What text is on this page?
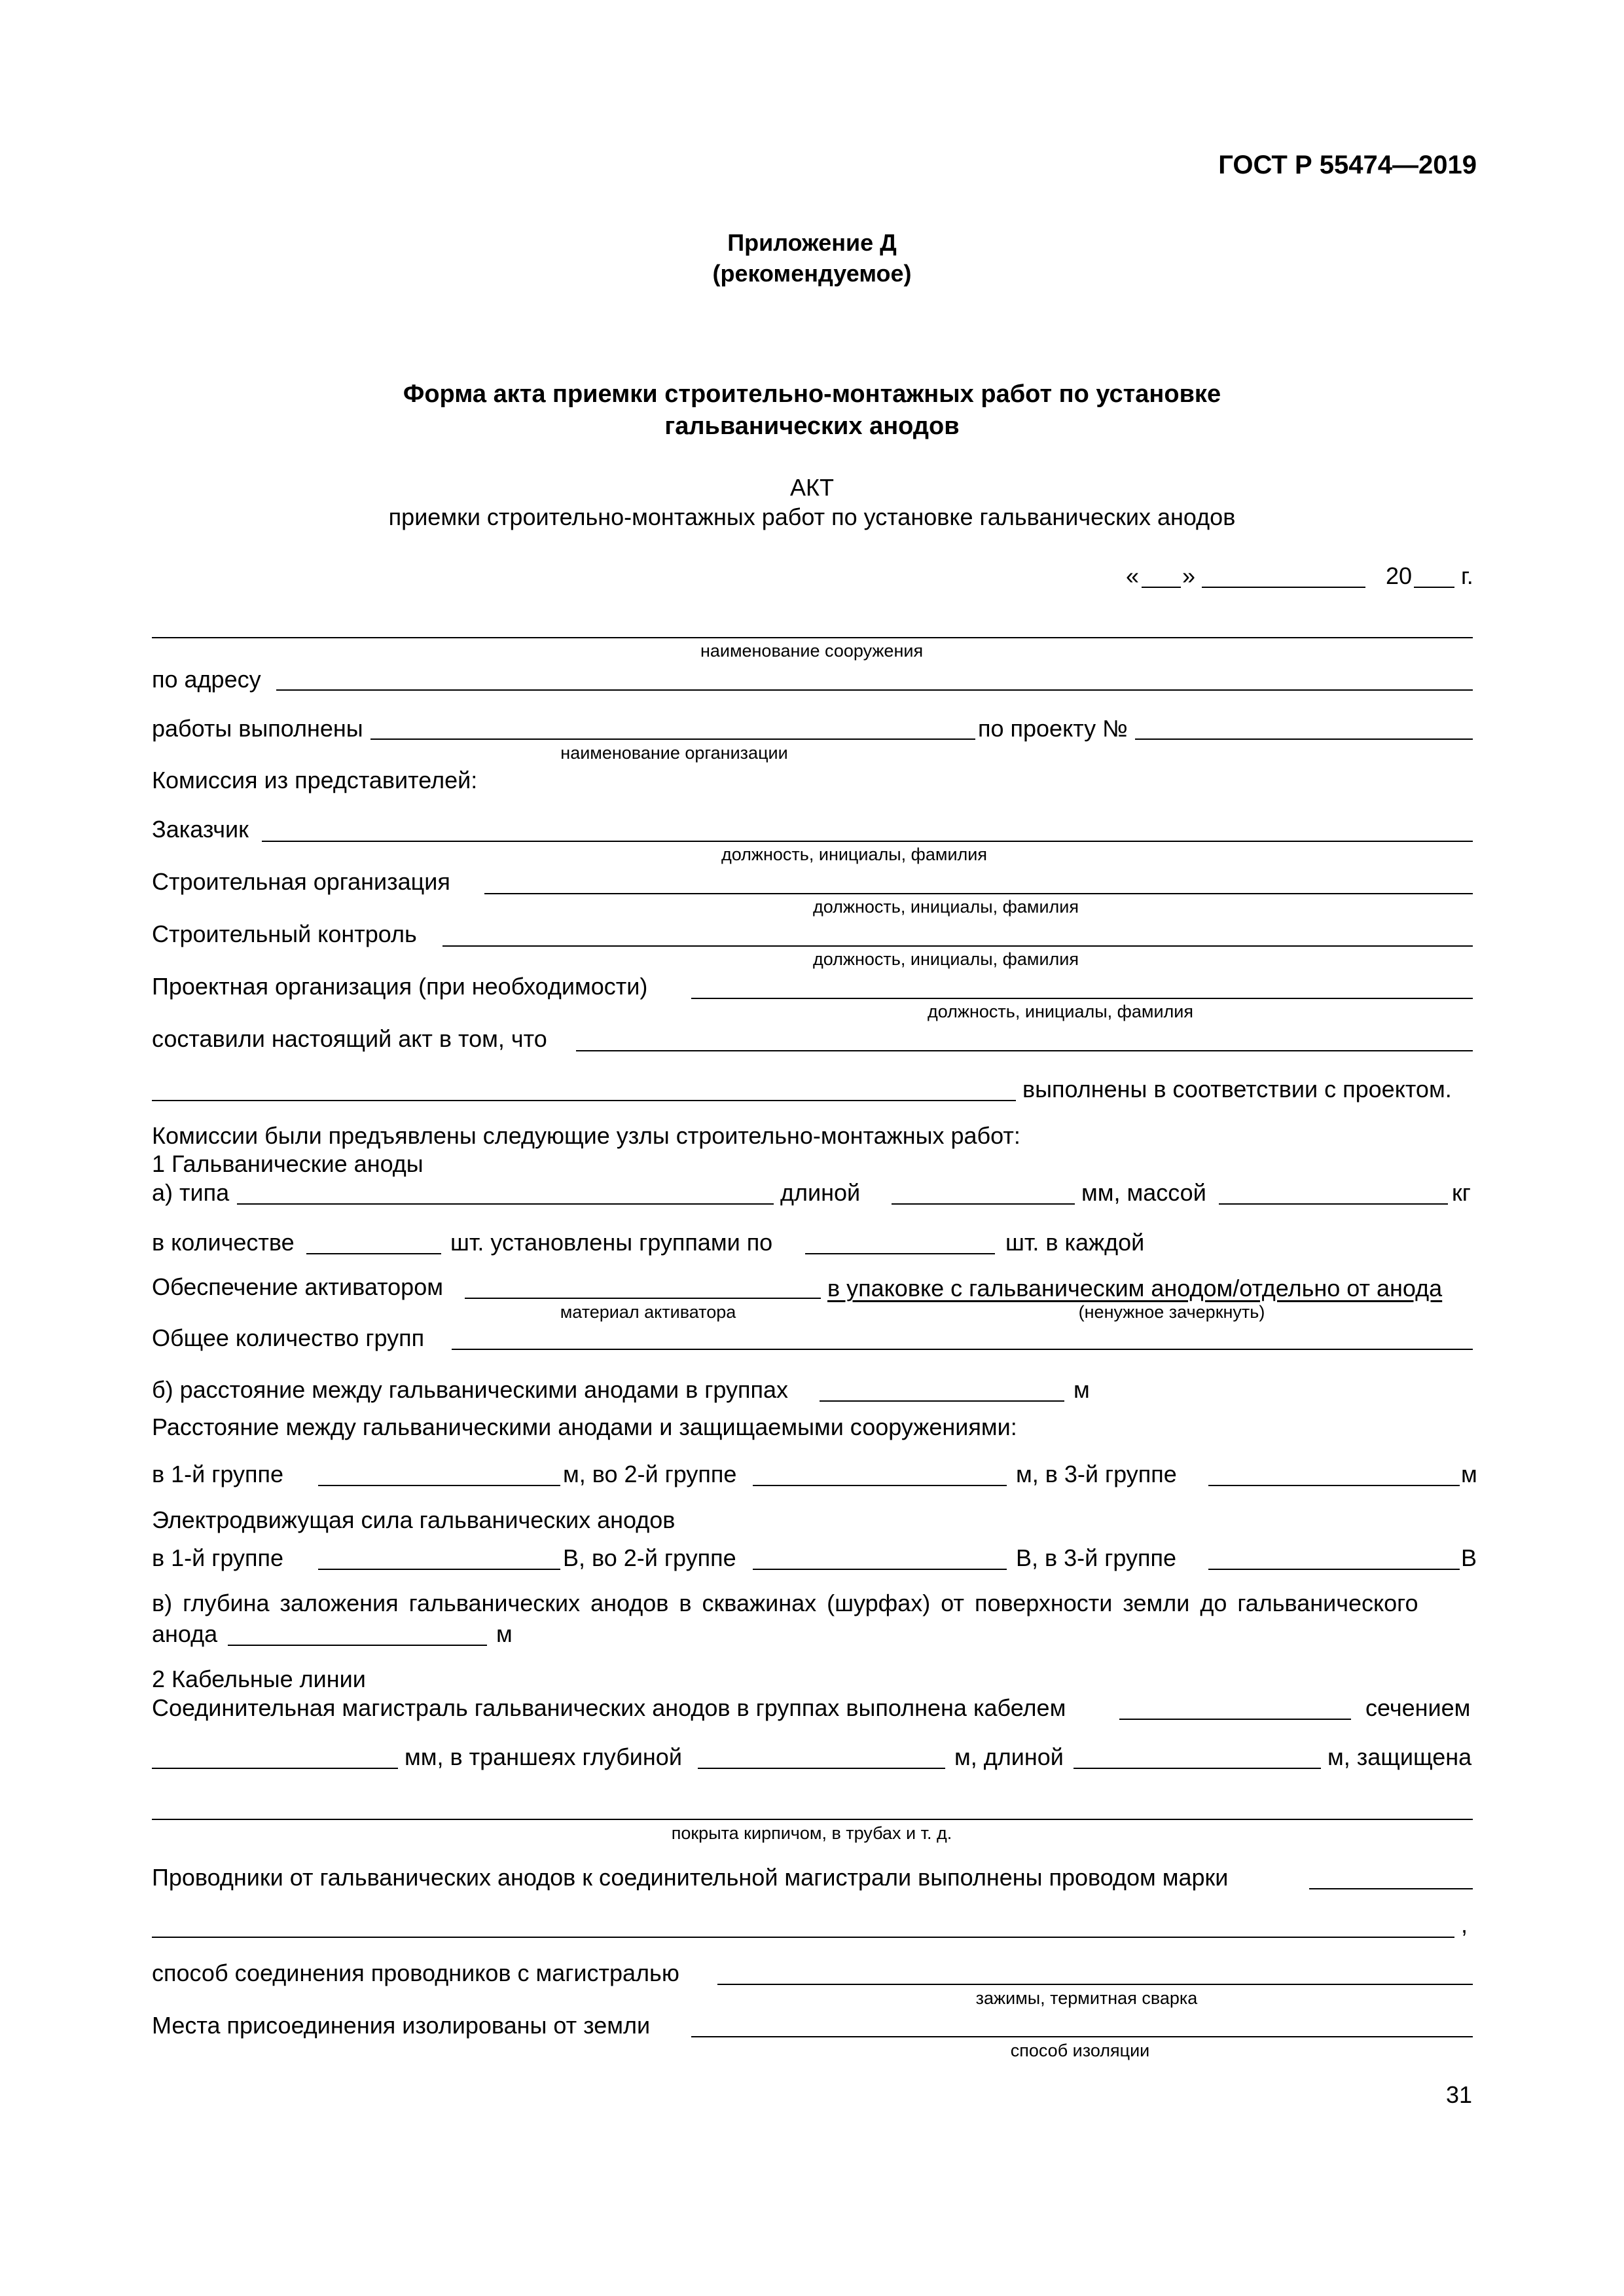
ГОСТ Р 55474—2019
Приложение Д
(рекомендуемое)
Форма акта приемки строительно-монтажных работ по установке
гальванических анодов
АКТ
приемки строительно-монтажных работ по установке гальванических анодов
« »	20 г.
наименование сооружения
по адресу
работы выполнены	по проекту №
наименование организации
Комиссия из представителей:
Заказчик
должность, инициалы, фамилия
Строительная организация
должность, инициалы, фамилия
Строительный контроль
должность, инициалы, фамилия
Проектная организация (при необходимости)
должность, инициалы, фамилия
составили настоящий акт в том, что
выполнены в соответствии с проектом.
Комиссии были предъявлены следующие узлы строительно-монтажных работ:
1 Гальванические аноды
а) типа	длиной	мм, массой	кг
в количестве	шт. установлены группами по	шт. в каждой
Обеспечение активатором	в упаковке с гальваническим анодом/отдельно от анода
материал активатора	(ненужное зачеркнуть)
Общее количество групп
б) расстояние между гальваническими анодами в группах	м
Расстояние между гальваническими анодами и защищаемыми сооружениями:
в 1-й группе	м, во 2-й группе	м, в 3-й группе	м
Электродвижущая сила гальванических анодов
в 1-й группе	В, во 2-й группе	В, в 3-й группе	В
в) глубина заложения гальванических анодов в скважинах (шурфах) от поверхности земли до гальванического
анода	м
2 Кабельные линии
Соединительная магистраль гальванических анодов в группах выполнена кабелем	сечением
мм, в траншеях глубиной	м, длиной	м, защищена
покрыта кирпичом, в трубах и т. д.
Проводники от гальванических анодов к соединительной магистрали выполнены проводом марки
,
способ соединения проводников с магистралью
зажимы, термитная сварка
Места присоединения изолированы от земли
способ изоляции
31
